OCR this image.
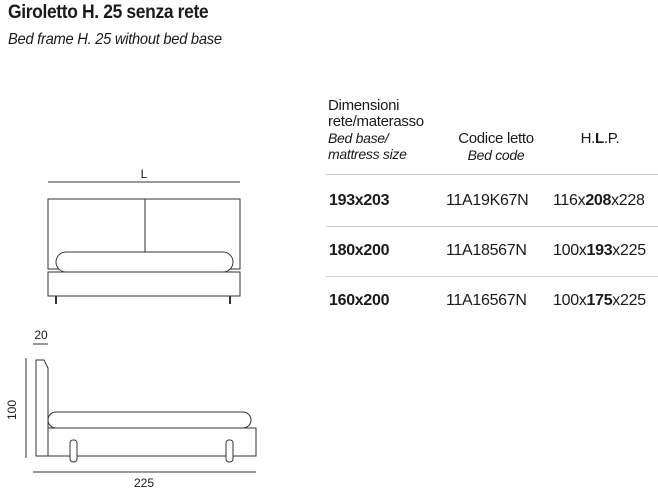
Giroletto H. 25 senza rete
Bed frame H. 25 without bed base
L
20
100
225
Dimensioni rete/materasso
Bed base/ mattress size
Codice letto
Bed code
H.L.P.
193x203	11A19K67N 116x208x228
180x200	11A18567N 100x193x225
160x200	11A16567N 100x175x225
